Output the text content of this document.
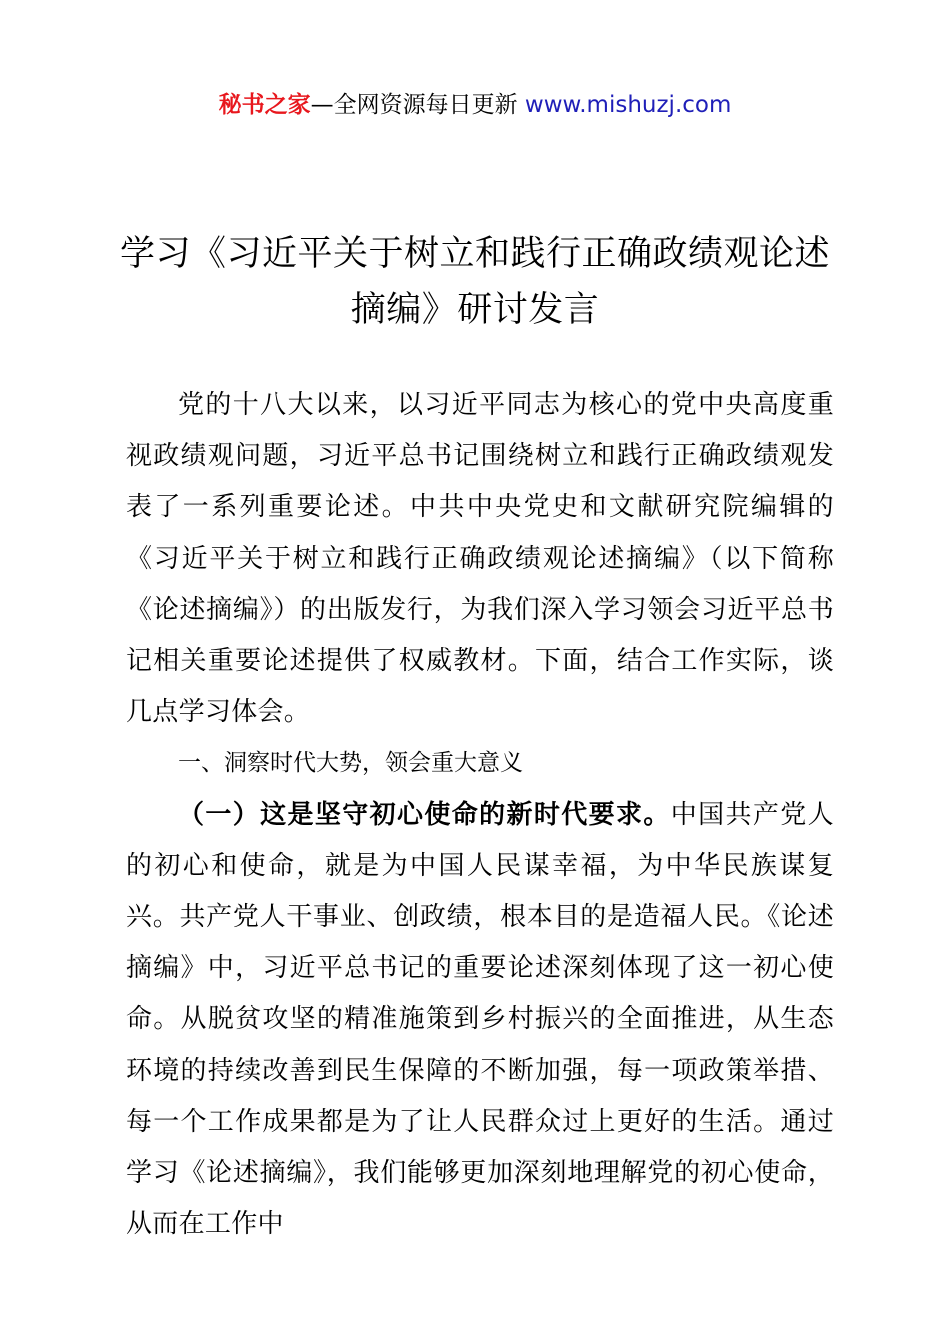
秘书之家—全网资源每日更新 www.mishuzj.com
学习《习近平关于树立和践行正确政绩观论述
摘编》研讨发言

党的十八大以来，以习近平同志为核心的党中央高度重视政绩观问题，习近平总书记围绕树立和践行正确政绩观发表了一系列重要论述。中共中央党史和文献研究院编辑的《习近平关于树立和践行正确政绩观论述摘编》（以下简称《论述摘编》）的出版发行，为我们深入学习领会习近平总书记相关重要论述提供了权威教材。下面，结合工作实际，谈几点学习体会。

一、洞察时代大势，领会重大意义

（一）这是坚守初心使命的新时代要求。中国共产党人的初心和使命，就是为中国人民谋幸福，为中华民族谋复兴。共产党人干事业、创政绩，根本目的是造福人民。《论述摘编》中，习近平总书记的重要论述深刻体现了这一初心使命。从脱贫攻坚的精准施策到乡村振兴的全面推进，从生态环境的持续改善到民生保障的不断加强，每一项政策举措、每一个工作成果都是为了让人民群众过上更好的生活。通过学习《论述摘编》，我们能够更加深刻地理解党的初心使命，从而在工作中
